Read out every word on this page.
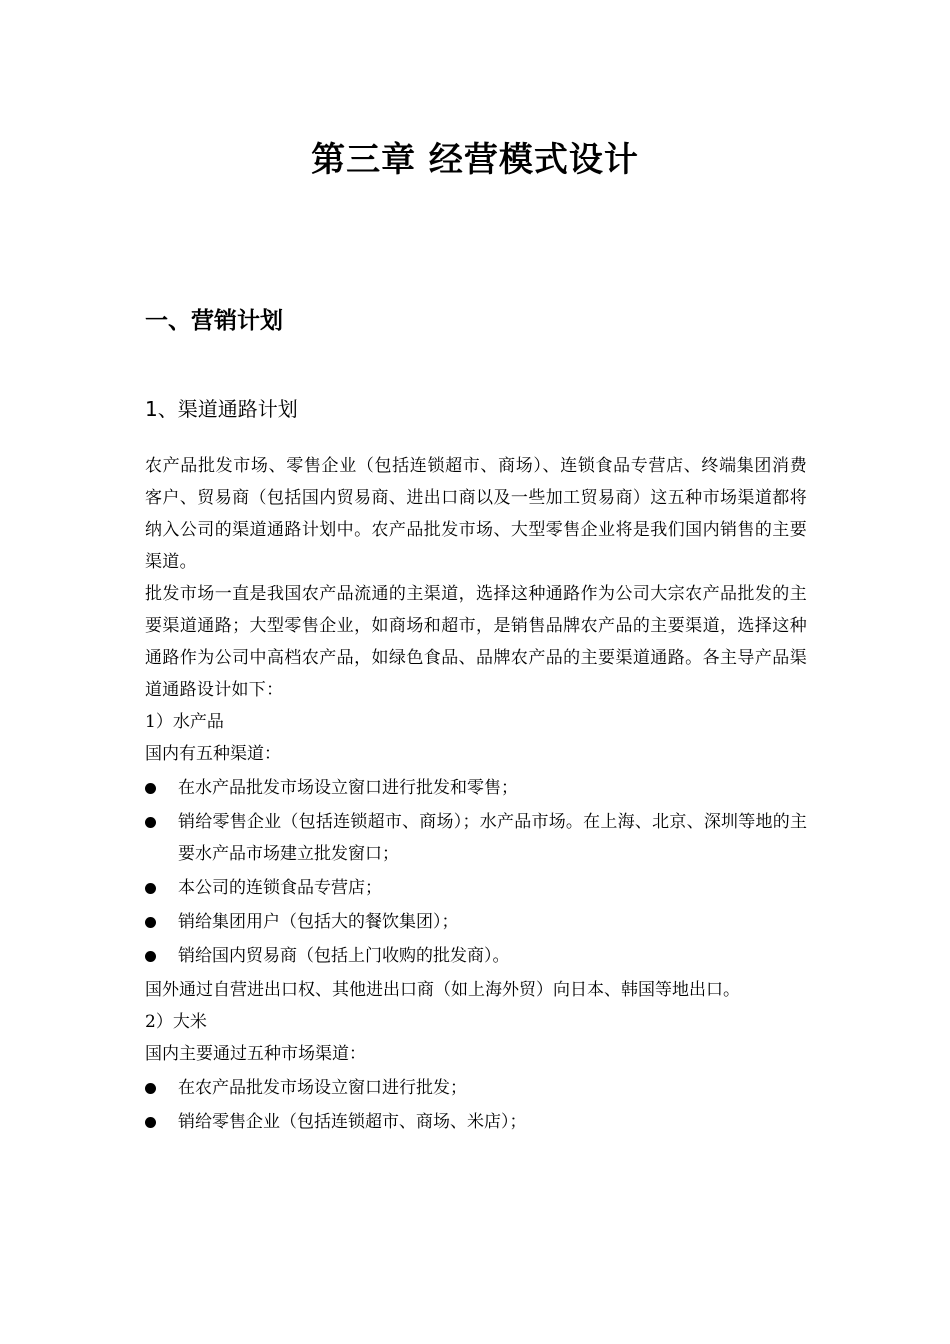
第三章 经营模式设计
一、营销计划
1、渠道通路计划

农产品批发市场、零售企业（包括连锁超市、商场）、连锁食品专营店、终端集团消费客户、贸易商（包括国内贸易商、进出口商以及一些加工贸易商）这五种市场渠道都将纳入公司的渠道通路计划中。农产品批发市场、大型零售企业将是我们国内销售的主要渠道。

批发市场一直是我国农产品流通的主渠道，选择这种通路作为公司大宗农产品批发的主要渠道通路；大型零售企业，如商场和超市，是销售品牌农产品的主要渠道，选择这种通路作为公司中高档农产品，如绿色食品、品牌农产品的主要渠道通路。各主导产品渠道通路设计如下：

1）水产品

国内有五种渠道：

在水产品批发市场设立窗口进行批发和零售；
销给零售企业（包括连锁超市、商场）；水产品市场。在上海、北京、深圳等地的主要水产品市场建立批发窗口；
本公司的连锁食品专营店；
销给集团用户（包括大的餐饮集团）；
销给国内贸易商（包括上门收购的批发商）。

国外通过自营进出口权、其他进出口商（如上海外贸）向日本、韩国等地出口。

2）大米

国内主要通过五种市场渠道：

在农产品批发市场设立窗口进行批发；
销给零售企业（包括连锁超市、商场、米店）；
